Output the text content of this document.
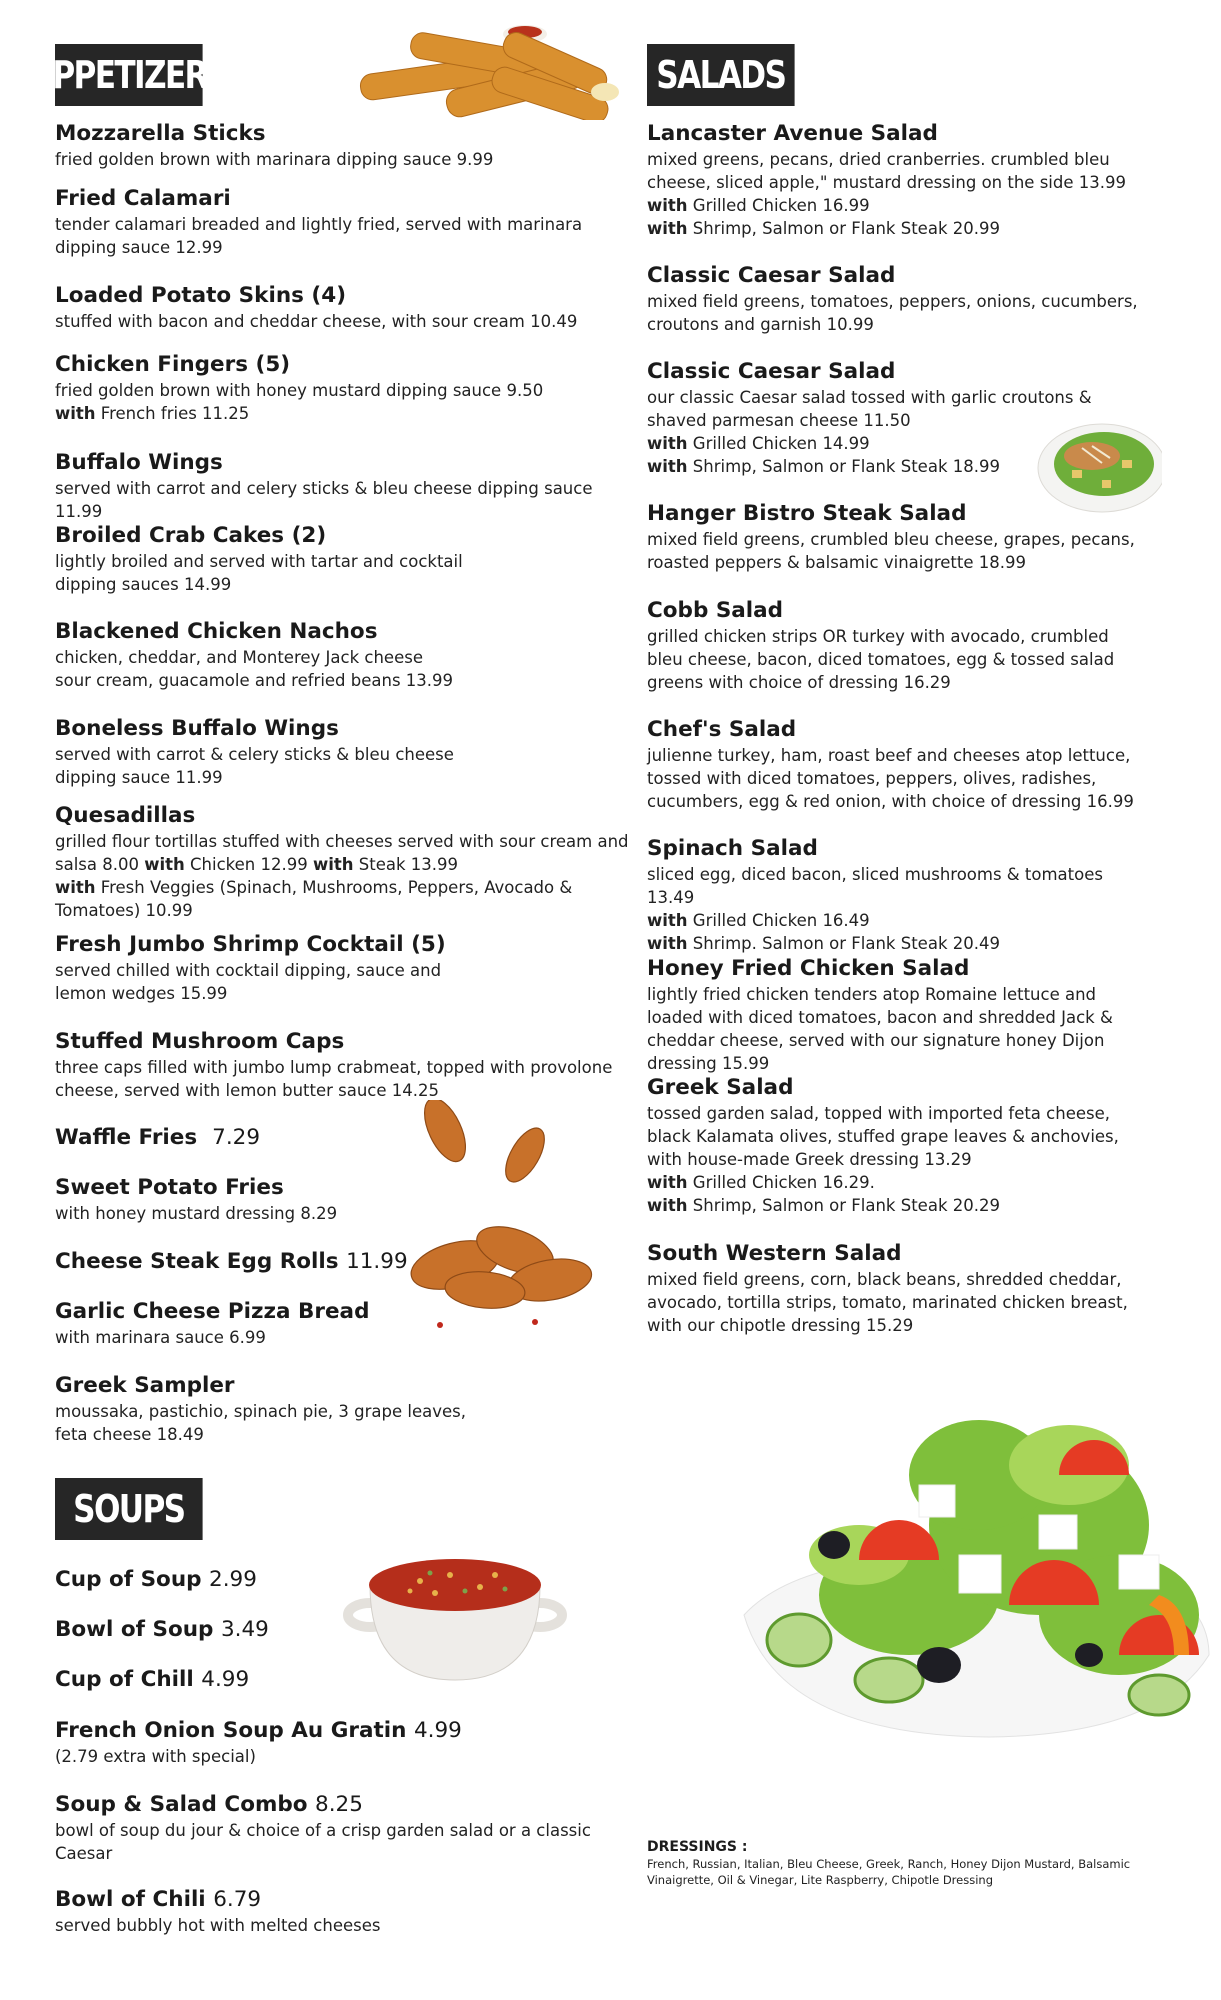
APPETIZERS
Mozzarella Sticks
fried golden brown with marinara dipping sauce 9.99
Fried Calamari
tender calamari breaded and lightly fried, served with marinara dipping sauce 12.99
Loaded Potato Skins (4)
stuffed with bacon and cheddar cheese, with sour cream 10.49
Chicken Fingers (5)
fried golden brown with honey mustard dipping sauce 9.50
with French fries 11.25
Buffalo Wings
served with carrot and celery sticks & bleu cheese dipping sauce 11.99
Broiled Crab Cakes (2)
lightly broiled and served with tartar and cocktail
dipping sauces 14.99
Blackened Chicken Nachos
chicken, cheddar, and Monterey Jack cheese
sour cream, guacamole and refried beans 13.99
Boneless Buffalo Wings
served with carrot & celery sticks & bleu cheese
dipping sauce 11.99
Quesadillas
grilled flour tortillas stuffed with cheeses served with sour cream and salsa 8.00 with Chicken 12.99 with Steak 13.99
with Fresh Veggies (Spinach, Mushrooms, Peppers, Avocado & Tomatoes) 10.99
Fresh Jumbo Shrimp Cocktail (5)
served chilled with cocktail dipping, sauce and
lemon wedges 15.99
Stuffed Mushroom Caps
three caps filled with jumbo lump crabmeat, topped with provolone cheese, served with lemon butter sauce 14.25
Waffle Fries 7.29
Sweet Potato Fries
with honey mustard dressing 8.29
Cheese Steak Egg Rolls 11.99
Garlic Cheese Pizza Bread
with marinara sauce 6.99
Greek Sampler
moussaka, pastichio, spinach pie, 3 grape leaves,
feta cheese 18.49
SOUPS
Cup of Soup 2.99
Bowl of Soup 3.49
Cup of Chill 4.99
French Onion Soup Au Gratin 4.99
(2.79 extra with special)
Soup & Salad Combo 8.25
bowl of soup du jour & choice of a crisp garden salad or a classic Caesar
Bowl of Chili 6.79
served bubbly hot with melted cheeses
SALADS
Lancaster Avenue Salad
mixed greens, pecans, dried cranberries. crumbled bleu cheese, sliced apple," mustard dressing on the side 13.99
with Grilled Chicken 16.99
with Shrimp, Salmon or Flank Steak 20.99
Classic Caesar Salad
mixed field greens, tomatoes, peppers, onions, cucumbers, croutons and garnish 10.99
Classic Caesar Salad
our classic Caesar salad tossed with garlic croutons & shaved parmesan cheese 11.50
with Grilled Chicken 14.99
with Shrimp, Salmon or Flank Steak 18.99
Hanger Bistro Steak Salad
mixed field greens, crumbled bleu cheese, grapes, pecans, roasted peppers & balsamic vinaigrette 18.99
Cobb Salad
grilled chicken strips OR turkey with avocado, crumbled bleu cheese, bacon, diced tomatoes, egg & tossed salad greens with choice of dressing 16.29
Chef's Salad
julienne turkey, ham, roast beef and cheeses atop lettuce, tossed with diced tomatoes, peppers, olives, radishes, cucumbers, egg & red onion, with choice of dressing 16.99
Spinach Salad
sliced egg, diced bacon, sliced mushrooms & tomatoes 13.49
with Grilled Chicken 16.49
with Shrimp. Salmon or Flank Steak 20.49
Honey Fried Chicken Salad
lightly fried chicken tenders atop Romaine lettuce and loaded with diced tomatoes, bacon and shredded Jack & cheddar cheese, served with our signature honey Dijon dressing 15.99
Greek Salad
tossed garden salad, topped with imported feta cheese, black Kalamata olives, stuffed grape leaves & anchovies, with house-made Greek dressing 13.29
with Grilled Chicken 16.29.
with Shrimp, Salmon or Flank Steak 20.29
South Western Salad
mixed field greens, corn, black beans, shredded cheddar, avocado, tortilla strips, tomato, marinated chicken breast, with our chipotle dressing 15.29
DRESSINGS :
French, Russian, Italian, Bleu Cheese, Greek, Ranch, Honey Dijon Mustard, Balsamic Vinaigrette, Oil & Vinegar, Lite Raspberry, Chipotle Dressing
